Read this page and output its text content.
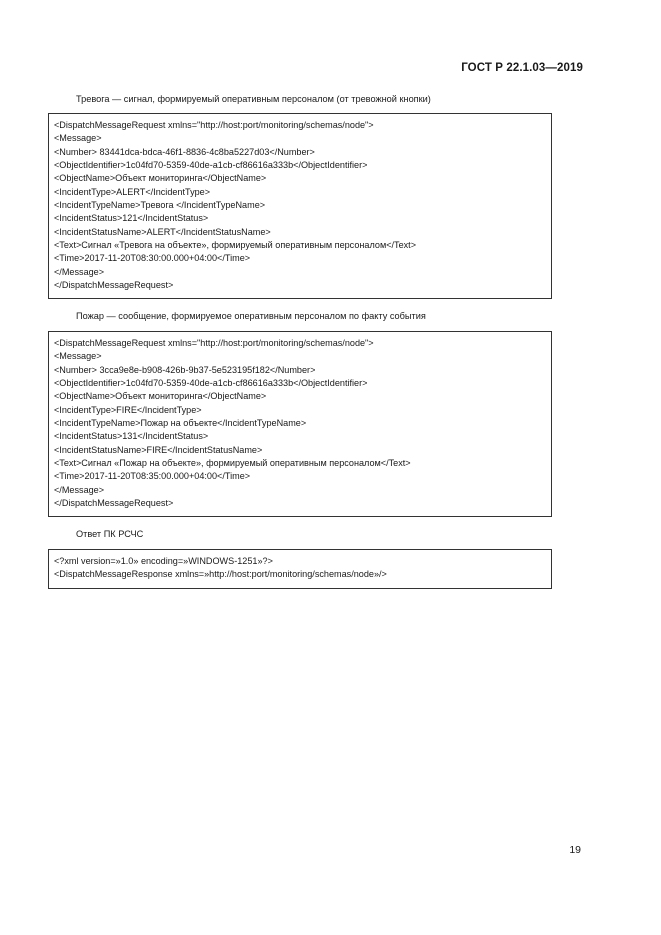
ГОСТ Р 22.1.03—2019
Тревога — сигнал, формируемый оперативным персоналом (от тревожной кнопки)
<DispatchMessageRequest xmlns="http://host:port/monitoring/schemas/node">
<Message>
<Number> 83441dca-bdca-46f1-8836-4c8ba5227d03</Number>
<ObjectIdentifier>1c04fd70-5359-40de-a1cb-cf86616a333b</ObjectIdentifier>
<ObjectName>Объект мониторинга</ObjectName>
<IncidentType>ALERT</IncidentType>
<IncidentTypeName>Тревога </IncidentTypeName>
<IncidentStatus>121</IncidentStatus>
<IncidentStatusName>ALERT</IncidentStatusName>
<Text>Сигнал «Тревога на объекте», формируемый оперативным персоналом</Text>
<Time>2017-11-20T08:30:00.000+04:00</Time>
</Message>
</DispatchMessageRequest>
Пожар — сообщение, формируемое оперативным персоналом по факту события
<DispatchMessageRequest xmlns="http://host:port/monitoring/schemas/node">
<Message>
<Number> 3cca9e8e-b908-426b-9b37-5e523195f182</Number>
<ObjectIdentifier>1c04fd70-5359-40de-a1cb-cf86616a333b</ObjectIdentifier>
<ObjectName>Объект мониторинга</ObjectName>
<IncidentType>FIRE</IncidentType>
<IncidentTypeName>Пожар на объекте</IncidentTypeName>
<IncidentStatus>131</IncidentStatus>
<IncidentStatusName>FIRE</IncidentStatusName>
<Text>Сигнал «Пожар на объекте», формируемый оперативным персоналом</Text>
<Time>2017-11-20T08:35:00.000+04:00</Time>
</Message>
</DispatchMessageRequest>
Ответ ПК РСЧС
<?xml version=»1.0» encoding=»WINDOWS-1251»?>
<DispatchMessageResponse xmlns=»http://host:port/monitoring/schemas/node»/>
19
